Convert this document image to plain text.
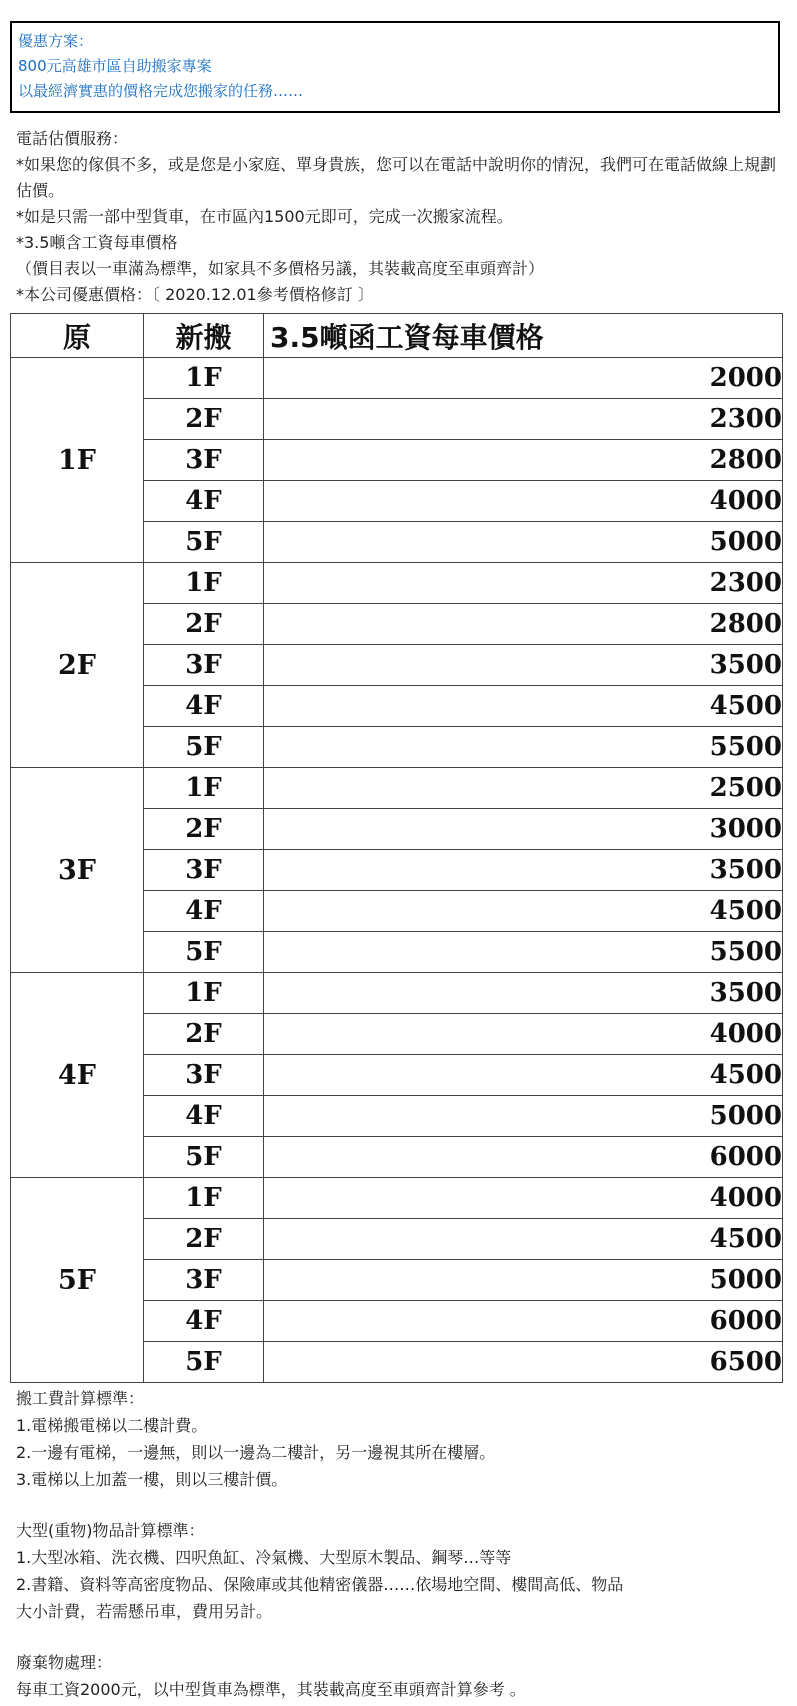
優惠方案：
800元高雄市區自助搬家專案
以最經濟實惠的價格完成您搬家的任務……
電話估價服務：
*如果您的傢俱不多，或是您是小家庭、單身貴族，您可以在電話中說明你的情況，我們可在電話做線上規劃估價。
*如是只需一部中型貨車，在市區內1500元即可，完成一次搬家流程。
*3.5噸含工資每車價格
（價目表以一車滿為標準，如家具不多價格另議，其裝載高度至車頭齊計）
*本公司優惠價格：〔 2020.12.01參考價格修訂 〕
原	新搬	3.5噸函工資每車價格
1F	1F	2000
	2F	2300
	3F	2800
	4F	4000
	5F	5000
2F	1F	2300
	2F	2800
	3F	3500
	4F	4500
	5F	5500
3F	1F	2500
	2F	3000
	3F	3500
	4F	4500
	5F	5500
4F	1F	3500
	2F	4000
	3F	4500
	4F	5000
	5F	6000
5F	1F	4000
	2F	4500
	3F	5000
	4F	6000
	5F	6500
搬工費計算標準：
1.電梯搬電梯以二樓計費。
2.一邊有電梯，一邊無，則以一邊為二樓計，另一邊視其所在樓層。
3.電梯以上加蓋一樓，則以三樓計價。
大型(重物)物品計算標準：
1.大型冰箱、洗衣機、四呎魚缸、冷氣機、大型原木製品、鋼琴…等等
2.書籍、資料等高密度物品、保險庫或其他精密儀器……依場地空間、樓間高低、物品
大小計費，若需懸吊車，費用另計。
廢棄物處理：
每車工資2000元，以中型貨車為標準，其裝載高度至車頭齊計算參考 。
